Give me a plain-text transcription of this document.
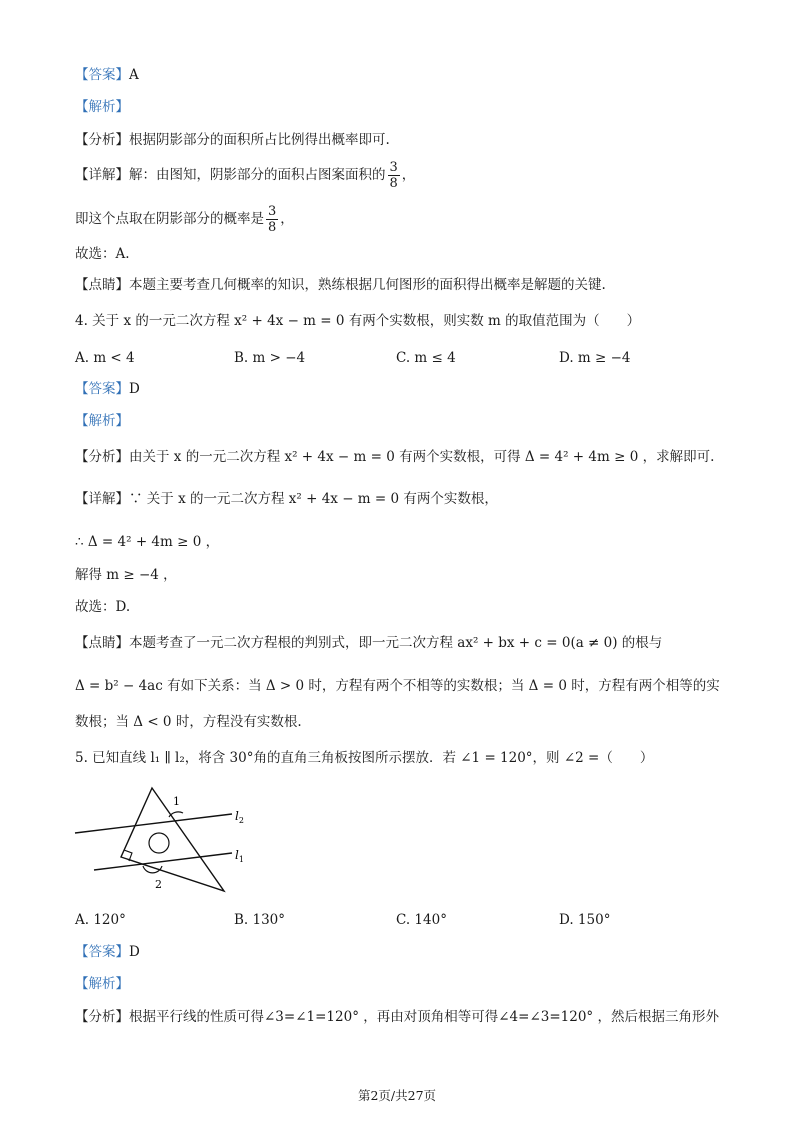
【答案】A
【解析】
【分析】根据阴影部分的面积所占比例得出概率即可.
【详解】解：由图知，阴影部分的面积占图案面积的 $\frac{3}{8}$ ，
即这个点取在阴影部分的概率是 $\frac{3}{8}$ ，
故选：A.
【点睛】本题主要考查几何概率的知识，熟练根据几何图形的面积得出概率是解题的关键.
4. 关于 x 的一元二次方程 x² + 4x − m = 0 有两个实数根，则实数 m 的取值范围为（　　）
A. m < 4	B. m > −4	C. m ≤ 4	D. m ≥ −4
【答案】D
【解析】
【分析】由关于 x 的一元二次方程 x² + 4x − m = 0 有两个实数根，可得 Δ = 4² + 4m ≥ 0 ，求解即可.
【详解】∵ 关于 x 的一元二次方程 x² + 4x − m = 0 有两个实数根，
∴ Δ = 4² + 4m ≥ 0 ，
解得 m ≥ −4 ，
故选：D.
【点睛】本题考查了一元二次方程根的判别式，即一元二次方程 ax² + bx + c = 0(a ≠ 0) 的根与
Δ = b² − 4ac 有如下关系：当 Δ > 0 时，方程有两个不相等的实数根；当 Δ = 0 时，方程有两个相等的实
数根；当 Δ < 0 时，方程没有实数根.
5. 已知直线 l₁ ∥ l₂，将含 30°角的直角三角板按图所示摆放．若 ∠1 = 120°，则 ∠2 =（　　）
1
2
$l_2$
$l_1$
A. 120°	B. 130°	C. 140°	D. 150°
【答案】D
【解析】
【分析】根据平行线的性质可得∠3=∠1=120° ，再由对顶角相等可得∠4=∠3=120° ，然后根据三角形外
第2页/共27页
